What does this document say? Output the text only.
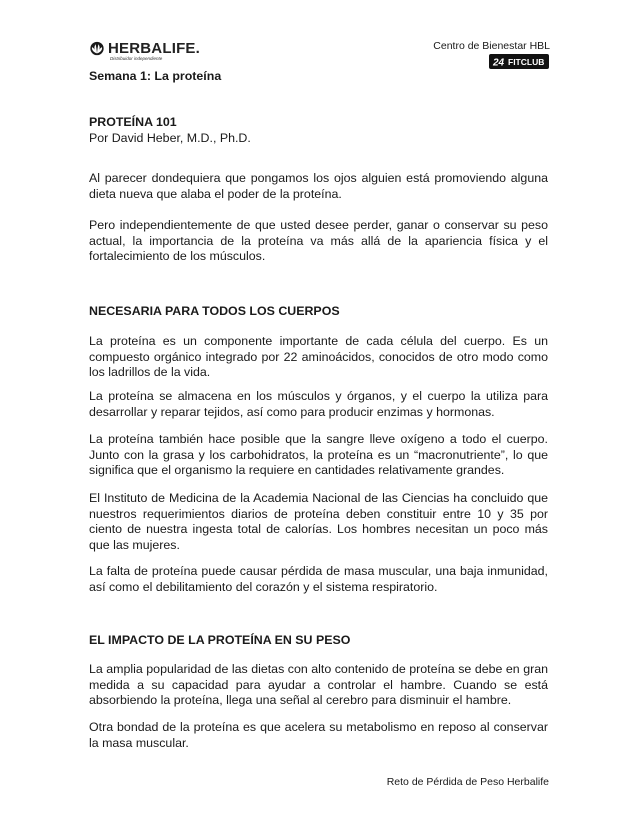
HERBALIFE.
Distribuidor independiente
Centro de Bienestar HBL
24 FITCLUB
Semana 1: La proteína
PROTEÍNA 101
Por David Heber, M.D., Ph.D.

Al parecer dondequiera que pongamos los ojos alguien está promoviendo alguna dieta nueva que alaba el poder de la proteína.

Pero independientemente de que usted desee perder, ganar o conservar su peso actual, la importancia de la proteína va más allá de la apariencia física y el fortalecimiento de los músculos.

NECESARIA PARA TODOS LOS CUERPOS

La proteína es un componente importante de cada célula del cuerpo. Es un compuesto orgánico integrado por 22 aminoácidos, conocidos de otro modo como los ladrillos de la vida.

La proteína se almacena en los músculos y órganos, y el cuerpo la utiliza para desarrollar y reparar tejidos, así como para producir enzimas y hormonas.

La proteína también hace posible que la sangre lleve oxígeno a todo el cuerpo. Junto con la grasa y los carbohidratos, la proteína es un “macronutriente”, lo que significa que el organismo la requiere en cantidades relativamente grandes.

El Instituto de Medicina de la Academia Nacional de las Ciencias ha concluido que nuestros requerimientos diarios de proteína deben constituir entre 10 y 35 por ciento de nuestra ingesta total de calorías. Los hombres necesitan un poco más que las mujeres.

La falta de proteína puede causar pérdida de masa muscular, una baja inmunidad, así como el debilitamiento del corazón y el sistema respiratorio.

EL IMPACTO DE LA PROTEÍNA EN SU PESO

La amplia popularidad de las dietas con alto contenido de proteína se debe en gran medida a su capacidad para ayudar a controlar el hambre. Cuando se está absorbiendo la proteína, llega una señal al cerebro para disminuir el hambre.

Otra bondad de la proteína es que acelera su metabolismo en reposo al conservar la masa muscular.

Reto de Pérdida de Peso Herbalife
